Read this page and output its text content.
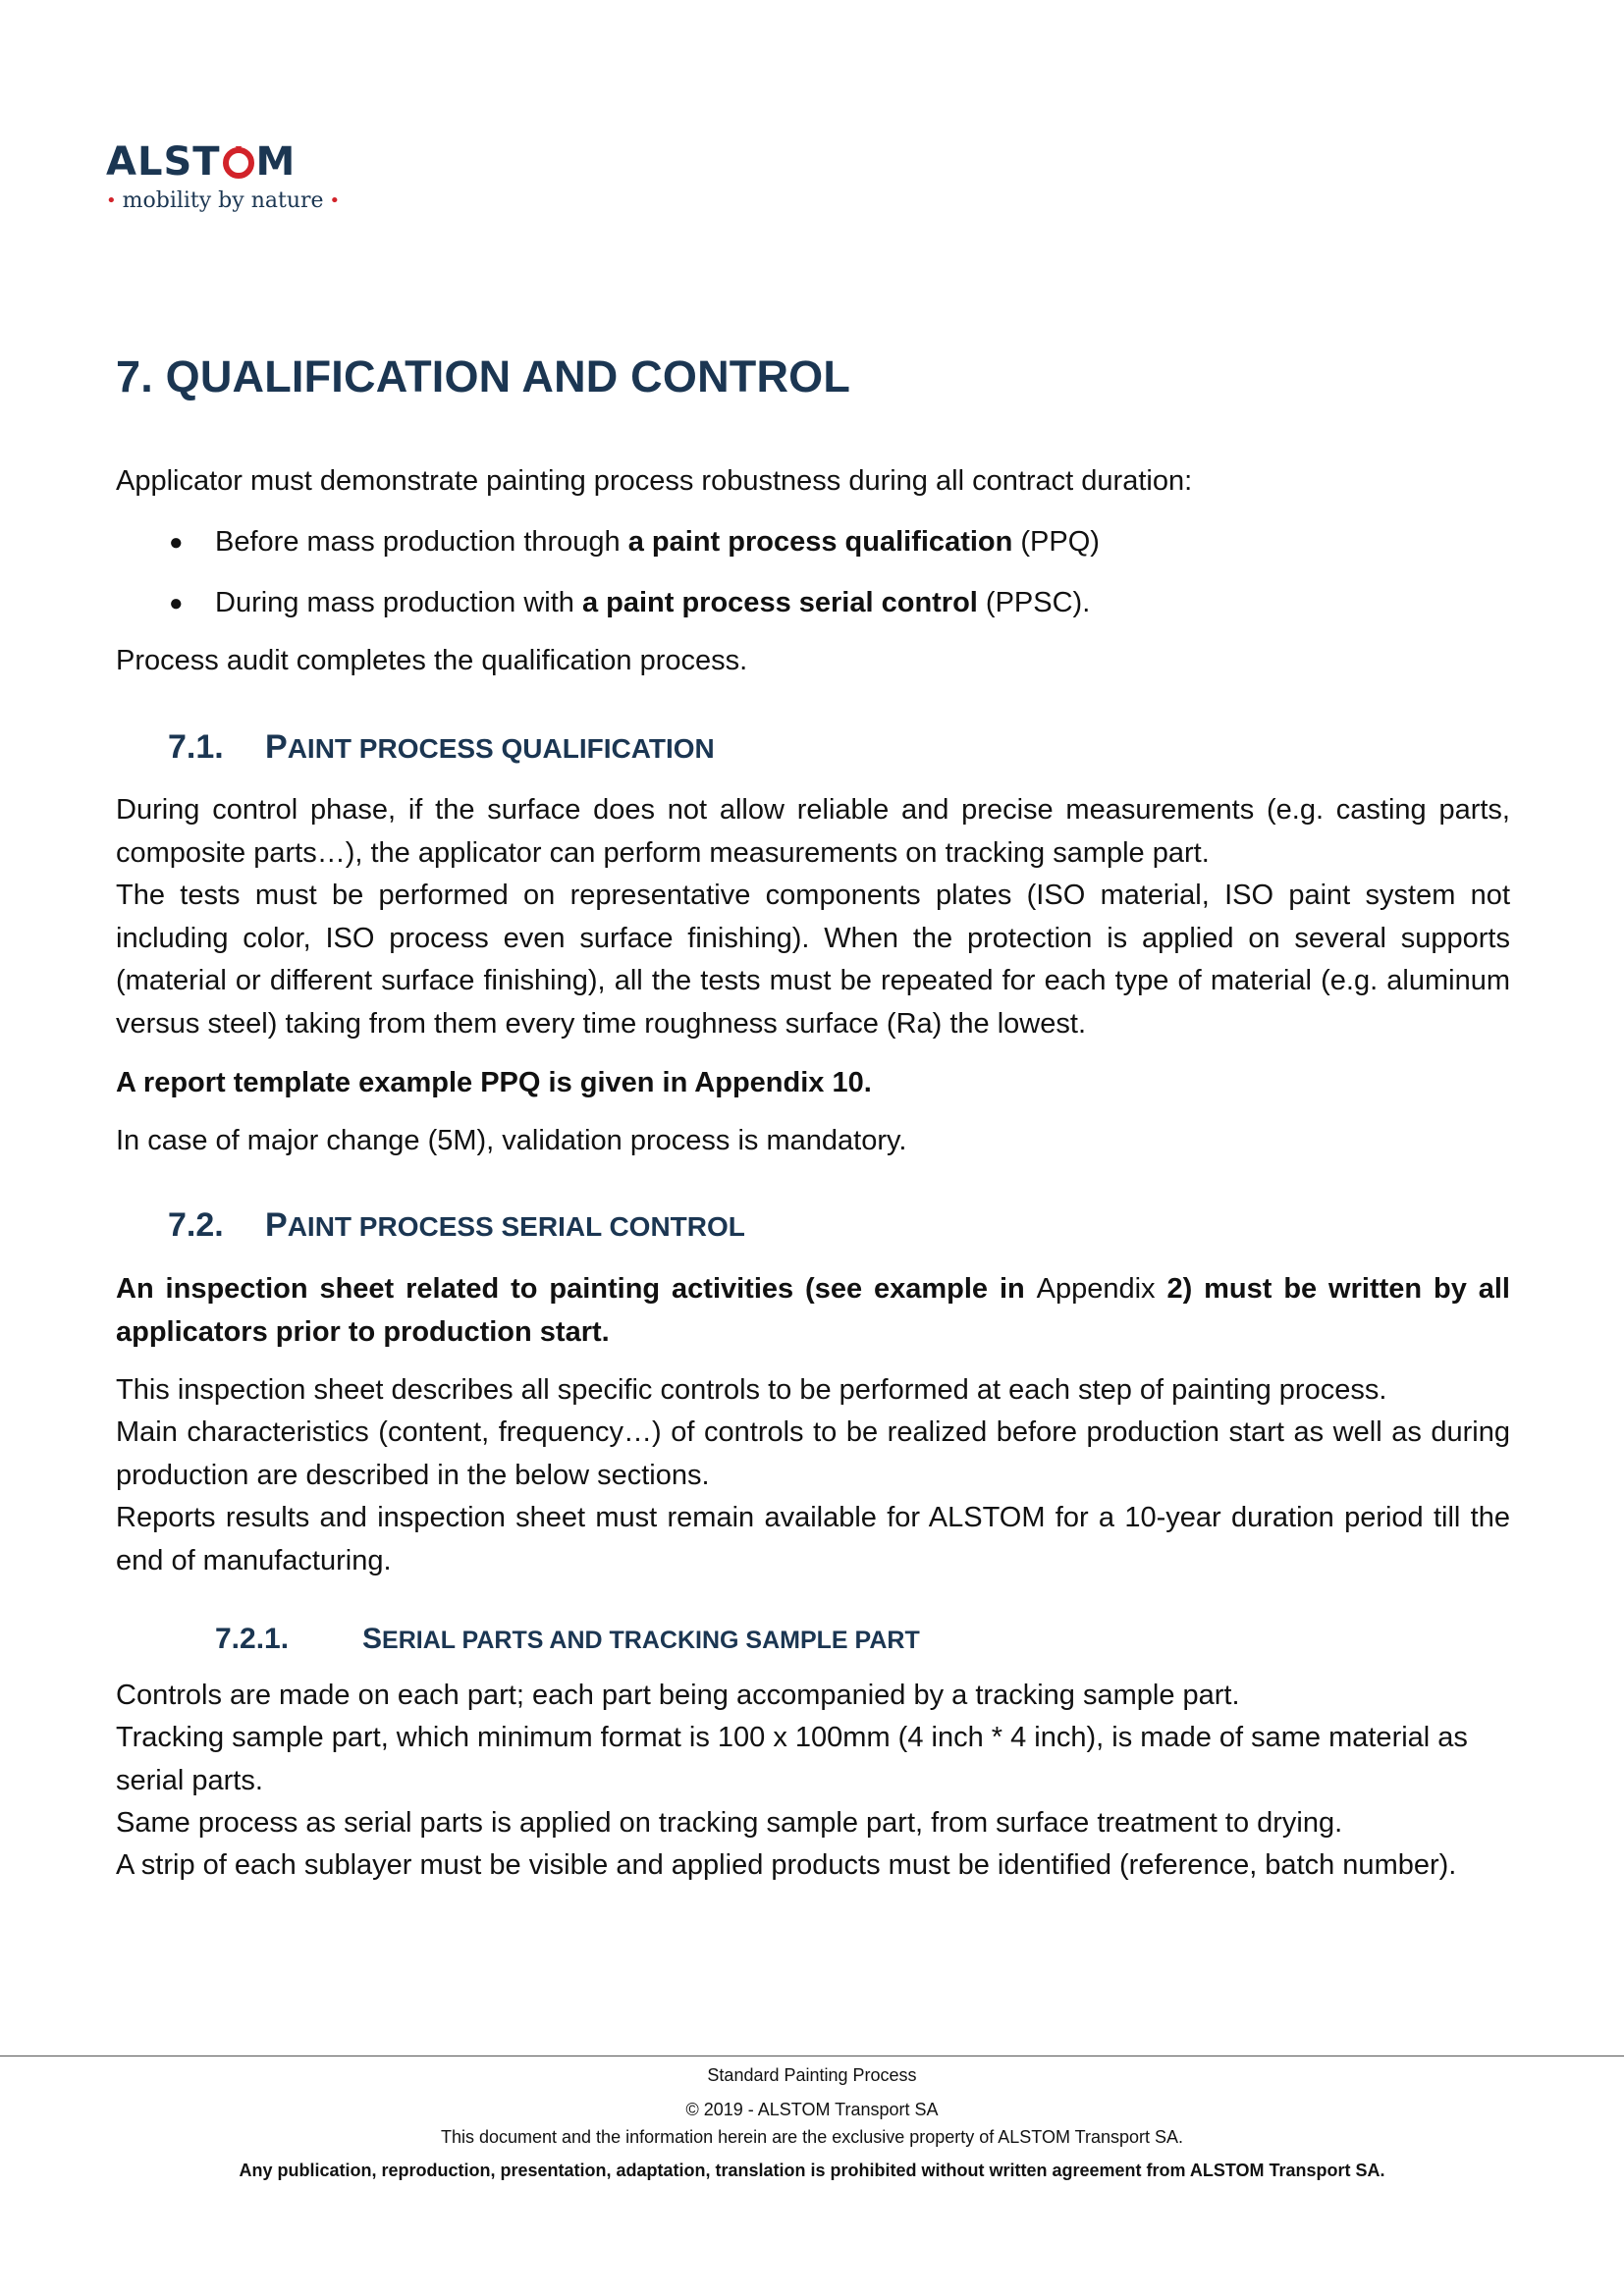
ALST M
• mobility by nature •
7. QUALIFICATION AND CONTROL

Applicator must demonstrate painting process robustness during all contract duration:

● Before mass production through a paint process qualification (PPQ)
● During mass production with a paint process serial control (PPSC).

Process audit completes the qualification process.

7.1. PAINT PROCESS QUALIFICATION

During control phase, if the surface does not allow reliable and precise measurements (e.g. casting parts, composite parts…), the applicator can perform measurements on tracking sample part.

The tests must be performed on representative components plates (ISO material, ISO paint system not including color, ISO process even surface finishing). When the protection is applied on several supports (material or different surface finishing), all the tests must be repeated for each type of material (e.g. aluminum versus steel) taking from them every time roughness surface (Ra) the lowest.

A report template example PPQ is given in Appendix 10.

In case of major change (5M), validation process is mandatory.

7.2. PAINT PROCESS SERIAL CONTROL

An inspection sheet related to painting activities (see example in Appendix 2) must be written by all applicators prior to production start.

This inspection sheet describes all specific controls to be performed at each step of painting process.

Main characteristics (content, frequency…) of controls to be realized before production start as well as during production are described in the below sections.

Reports results and inspection sheet must remain available for ALSTOM for a 10-year duration period till the end of manufacturing.

7.2.1. SERIAL PARTS AND TRACKING SAMPLE PART

Controls are made on each part; each part being accompanied by a tracking sample part.

Tracking sample part, which minimum format is 100 x 100mm (4 inch * 4 inch), is made of same material as serial parts.

Same process as serial parts is applied on tracking sample part, from surface treatment to drying.

A strip of each sublayer must be visible and applied products must be identified (reference, batch number).

Standard Painting Process
© 2019 - ALSTOM Transport SA
This document and the information herein are the exclusive property of ALSTOM Transport SA.
Any publication, reproduction, presentation, adaptation, translation is prohibited without written agreement from ALSTOM Transport SA.
